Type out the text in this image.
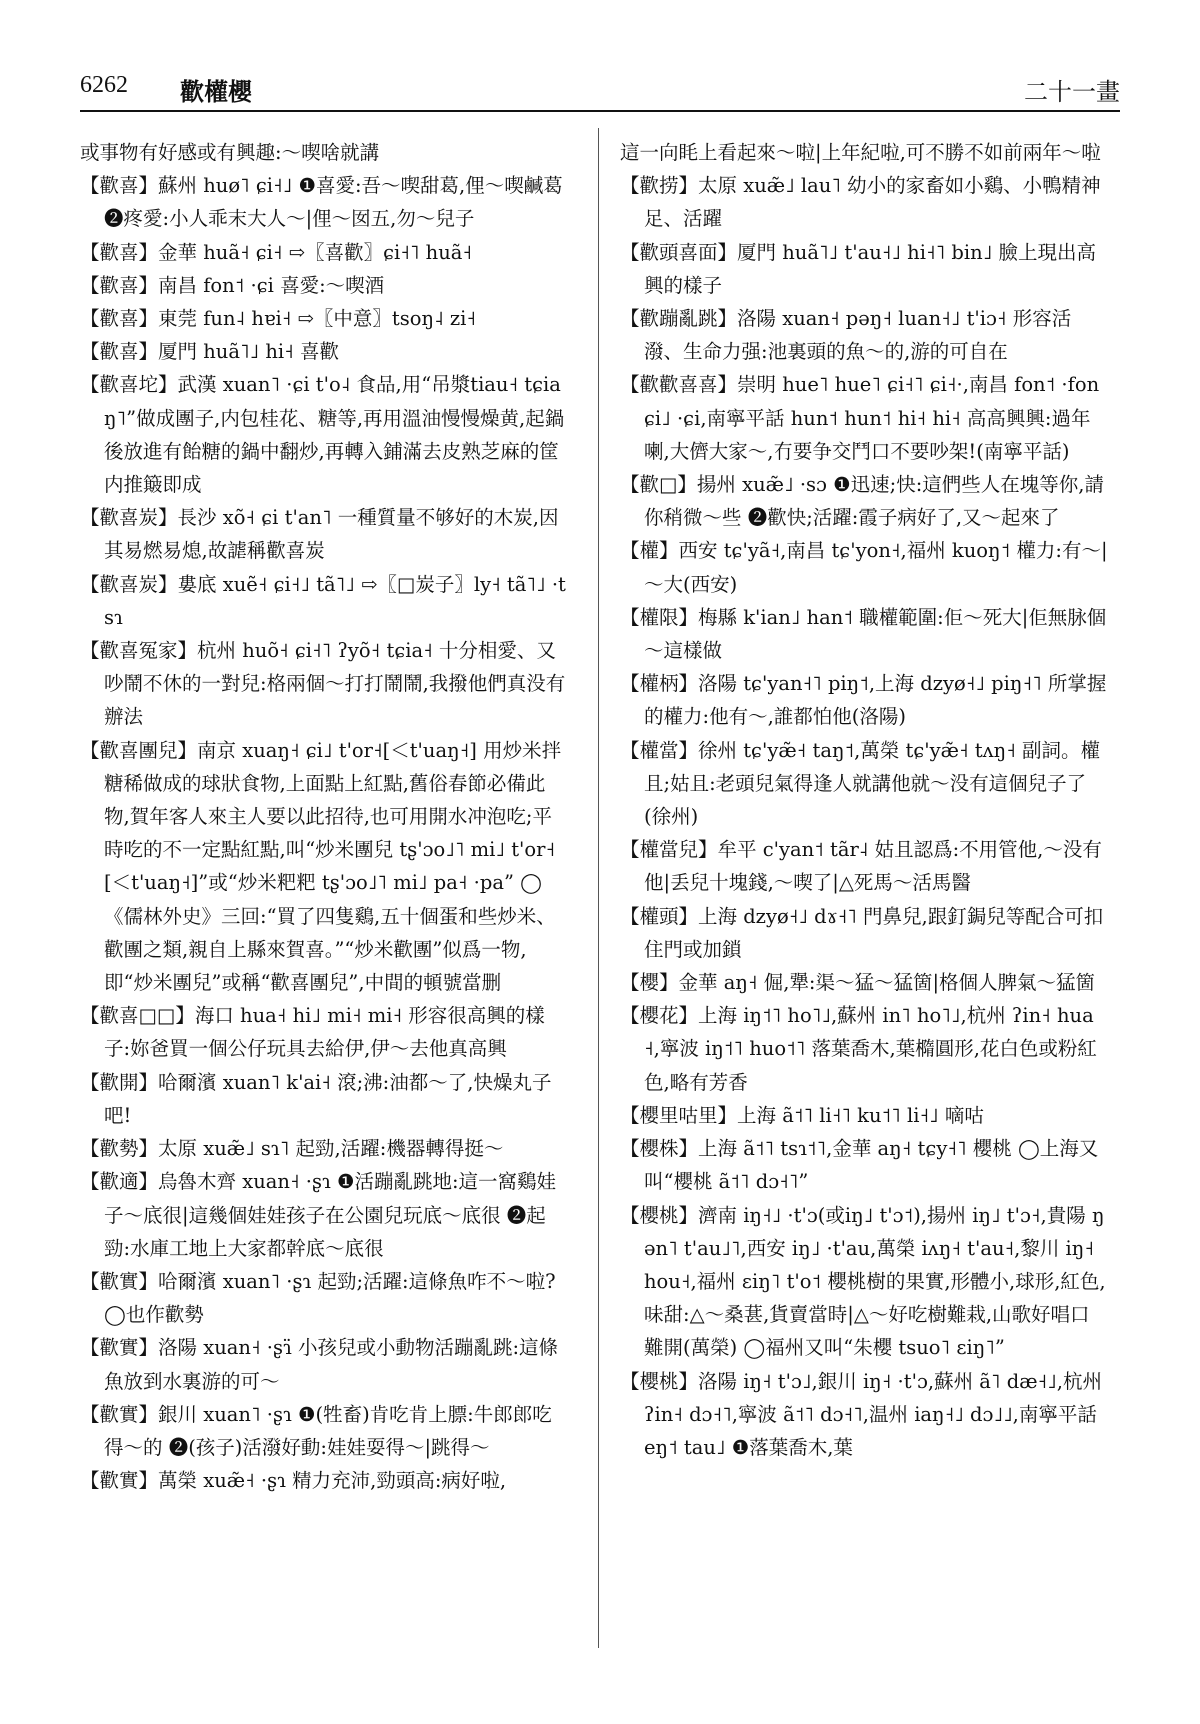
6262 歡權櫻	二十一畫

或事物有好感或有興趣:～喫啥就講

【歡喜】蘇州 huø˥ ɕi˧˩ ❶喜愛:吾～喫甜葛,俚～喫鹹葛 ❷疼愛:小人乖末大人～|俚～囡五,勿～兒子

【歡喜】金華 huã˧ ɕi˧ ⇨〖喜歡〗ɕi˧˥ huã˧

【歡喜】南昌 fon˦ ·ɕi 喜愛:～喫酒

【歡喜】東莞 fun˨ hɐi˧ ⇨〖中意〗tsoŋ˨ zi˧

【歡喜】厦門 huã˥˩ hi˧ 喜歡

【歡喜坨】武漢 xuan˥ ·ɕi t'o˨ 食品,用“吊漿tiau˧ tɕiaŋ˥”做成團子,内包桂花、糖等,再用溫油慢慢燥黄,起鍋後放進有飴糖的鍋中翻炒,再轉入鋪滿去皮熟芝麻的筐内推簸即成

【歡喜炭】長沙 xõ˧ ɕi t'an˥ 一種質量不够好的木炭,因其易燃易熄,故謔稱歡喜炭

【歡喜炭】婁底 xuẽ˧ ɕi˧˩ tã˥˩ ⇨〖□炭子〗ly˧ tã˥˩ ·tsɿ

【歡喜冤家】杭州 huõ˧ ɕi˧˥ ʔyõ˧ tɕia˧ 十分相愛、又吵鬧不休的一對兒:格兩個～打打鬧鬧,我撥他們真没有辦法

【歡喜團兒】南京 xuaŋ˧ ɕi˩ t'or˧[＜t'uaŋ˧] 用炒米拌糖稀做成的球狀食物,上面點上紅點,舊俗春節必備此物,賀年客人來主人要以此招待,也可用開水冲泡吃;平時吃的不一定點紅點,叫“炒米團兒 tʂ'ɔo˩˥ mi˩ t'or˧[＜t'uaŋ˧]”或“炒米粑粑 tʂ'ɔo˩˥ mi˩ pa˧ ·pa” ◯《儒林外史》三回:“買了四隻鷄,五十個蛋和些炒米、歡團之類,親自上縣來賀喜。”“炒米歡團”似爲一物,即“炒米團兒”或稱“歡喜團兒”,中間的頓號當删

【歡喜□□】海口 hua˧ hi˩ mi˧ mi˧ 形容很高興的樣子:妳爸買一個公仔玩具去給伊,伊～去他真高興

【歡開】哈爾濱 xuan˥ k'ai˧ 滾;沸:油都～了,快燥丸子吧!

【歡勢】太原 xuæ̃˩ sɿ˥ 起勁,活躍:機器轉得挺～

【歡適】烏魯木齊 xuan˧ ·ʂɿ ❶活蹦亂跳地:這一窩鷄娃子～底很|這幾個娃娃孩子在公園兒玩底～底很 ❷起勁:水庫工地上大家都幹底～底很

【歡實】哈爾濱 xuan˥ ·ʂɿ 起勁;活躍:這條魚咋不～啦? ◯也作歡勢

【歡實】洛陽 xuan˧ ·ʂɿ̈ 小孩兒或小動物活蹦亂跳:這條魚放到水裏游的可～

【歡實】銀川 xuan˥ ·ʂɿ ❶(牲畜)肯吃肯上膘:牛郎郎吃得～的 ❷(孩子)活潑好動:娃娃耍得～|跳得～

【歡實】萬榮 xuæ̃˧ ·ʂɿ 精力充沛,勁頭高:病好啦,

這一向眊上看起來～啦|上年紀啦,可不勝不如前兩年～啦

【歡捞】太原 xuæ̃˩ lau˥ 幼小的家畜如小鷄、小鴨精神足、活躍

【歡頭喜面】厦門 huã˥˩ t'au˧˩ hi˧˥ bin˩ 臉上現出高興的樣子

【歡蹦亂跳】洛陽 xuan˧ pəŋ˧ luan˧˩ t'iɔ˧ 形容活潑、生命力强:池裏頭的魚～的,游的可自在

【歡歡喜喜】崇明 hue˥ hue˥ ɕi˧˥ ɕi˧·,南昌 fon˦ ·fon ɕi˩ ·ɕi,南寧平話 hun˦ hun˦ hi˧ hi˧ 高高興興:過年喇,大儕大家～,冇要争交鬥口不要吵架!(南寧平話)

【歡□】揚州 xuæ̃˩ ·sɔ ❶迅速;快:這們些人在塊等你,請你稍微～些 ❷歡快;活躍:霞子病好了,又～起來了

【權】西安 tɕ'yã˧,南昌 tɕ'yon˧,福州 kuoŋ˦ 權力:有～|～大(西安)

【權限】梅縣 k'ian˩ han˦ 職權範圍:佢～死大|佢無脉個～這樣做

【權柄】洛陽 tɕ'yan˧˥ piŋ˦,上海 dzyø˧˩ piŋ˧˥ 所掌握的權力:他有～,誰都怕他(洛陽)

【權當】徐州 tɕ'yæ̃˧ taŋ˦,萬榮 tɕ'yæ̃˧ tʌŋ˧ 副詞。權且;姑且:老頭兒氣得逢人就講他就～没有這個兒子了(徐州)

【權當兒】牟平 c'yan˦ tãr˨ 姑且認爲:不用管他,～没有他|丢兒十塊錢,～喫了|△死馬～活馬醫

【權頭】上海 dzyø˧˩ dɤ˧˥ 門鼻兒,跟釘鋦兒等配合可扣住門或加鎖

【櫻】金華 aŋ˧ 倔,犟:渠～猛～猛箇|格個人脾氣～猛箇

【櫻花】上海 iŋ˦˥ ho˥˩,蘇州 in˥ ho˥˩,杭州 ʔin˧ hua˧,寧波 iŋ˦˥ huo˦˥ 落葉喬木,葉橢圓形,花白色或粉紅色,略有芳香

【櫻里咕里】上海 ã˦˥ li˧˥ ku˦˥ li˧˩ 嘀咕

【櫻株】上海 ã˦˥ tsɿ˦˥,金華 aŋ˧ tɕy˧˥ 櫻桃 ◯上海又叫“櫻桃 ã˦˥ dɔ˧˥”

【櫻桃】濟南 iŋ˧˩ ·t'ɔ(或iŋ˩ t'ɔ˦),揚州 iŋ˩ t'ɔ˧,貴陽 ŋən˥ t'au˩˥,西安 iŋ˩ ·t'au,萬榮 iʌŋ˧ t'au˧,黎川 iŋ˧ hou˧,福州 ɛiŋ˥ t'o˦ 櫻桃樹的果實,形體小,球形,紅色,味甜:△～桑葚,貨賣當時|△～好吃樹難栽,山歌好唱口難開(萬榮) ◯福州又叫“朱櫻 tsuo˥ ɛiŋ˥”

【櫻桃】洛陽 iŋ˧ t'ɔ˩,銀川 iŋ˧ ·t'ɔ,蘇州 ã˥ dæ˧˩,杭州 ʔin˧ dɔ˧˥,寧波 ã˦˥ dɔ˧˥,温州 iaŋ˧˩ dɔ˩˩,南寧平話 eŋ˦ tau˩ ❶落葉喬木,葉
